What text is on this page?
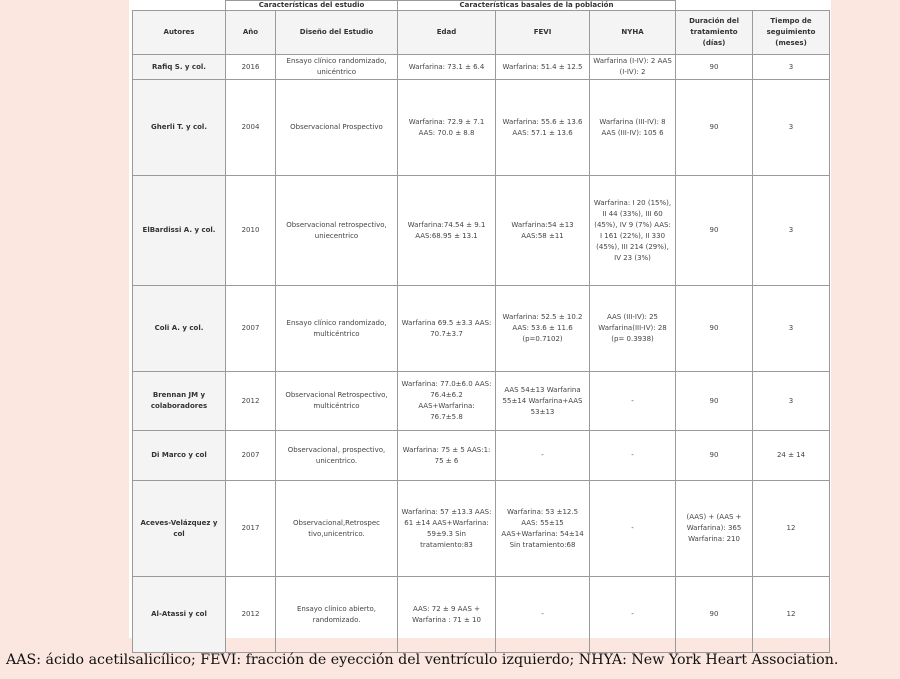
	Características del estudio		Características basales de la población				
Autores	Año	Diseño del Estudio	Edad	FEVI	NYHA	Duración del tratamiento (días)	Tiempo de seguimiento (meses)
Rafiq S. y col.	2016	Ensayo clínico randomizado, unicéntrico	Warfarina: 73.1 ± 6.4	Warfarina: 51.4 ± 12.5	Warfarina (I-IV): 2 AAS (I-IV): 2	90	3
Gherli T. y col.	2004	Observacional Prospectivo	Warfarina: 72.9 ± 7.1 AAS: 70.0 ± 8.8	Warfarina: 55.6 ± 13.6 AAS: 57.1 ± 13.6	Warfarina (III-IV): 8 AAS (III-IV): 105 6	90	3
ElBardissi A. y col.	2010	Observacional retrospectivo, uniecentrico	Warfarina:74.54 ± 9.1 AAS:68.95 ± 13.1	Warfarina:54 ±13 AAS:58 ±11	Warfarina: I 20 (15%), II 44 (33%), III 60 (45%), IV 9 (7%) AAS: I 161 (22%), II 330 (45%), III 214 (29%), IV 23 (3%)	90	3
Coli A. y col.	2007	Ensayo clínico randomizado, multicéntrico	Warfarina 69.5 ±3.3 AAS: 70.7±3.7	Warfarina: 52.5 ± 10.2 AAS: 53.6 ± 11.6 (p=0.7102)	AAS (III-IV): 25 Warfarina(III-IV): 28 (p= 0.3938)	90	3
Brennan JM y colaboradores	2012	Observacional Retrospectivo, multicéntrico	Warfarina: 77.0±6.0 AAS: 76.4±6.2 AAS+Warfarina: 76.7±5.8	AAS 54±13 Warfarina 55±14 Warfarina+AAS 53±13	-	90	3
Di Marco y col	2007	Observacional, prospectivo, unicentrico.	Warfarina: 75 ± 5 AAS:1: 75 ± 6	-	-	90	24 ± 14
Aceves-Velázquez y col	2017	Observacional,Retrospec tivo,unicentrico.	Warfarina: 57 ±13.3 AAS: 61 ±14 AAS+Warfarina: 59±9.3 Sin tratamiento:83	Warfarina: 53 ±12.5 AAS: 55±15 AAS+Warfarina: 54±14 Sin tratamiento:68	-	(AAS) + (AAS + Warfarina): 365 Warfarina: 210	12
Al-Atassi y col	2012	Ensayo clínico abierto, randomizado.	AAS: 72 ± 9 AAS + Warfarina : 71 ± 10	-	-	90	12
AAS: ácido acetilsalicílico; FEVI: fracción de eyección del ventrículo izquierdo; NHYA: New York Heart Association.
